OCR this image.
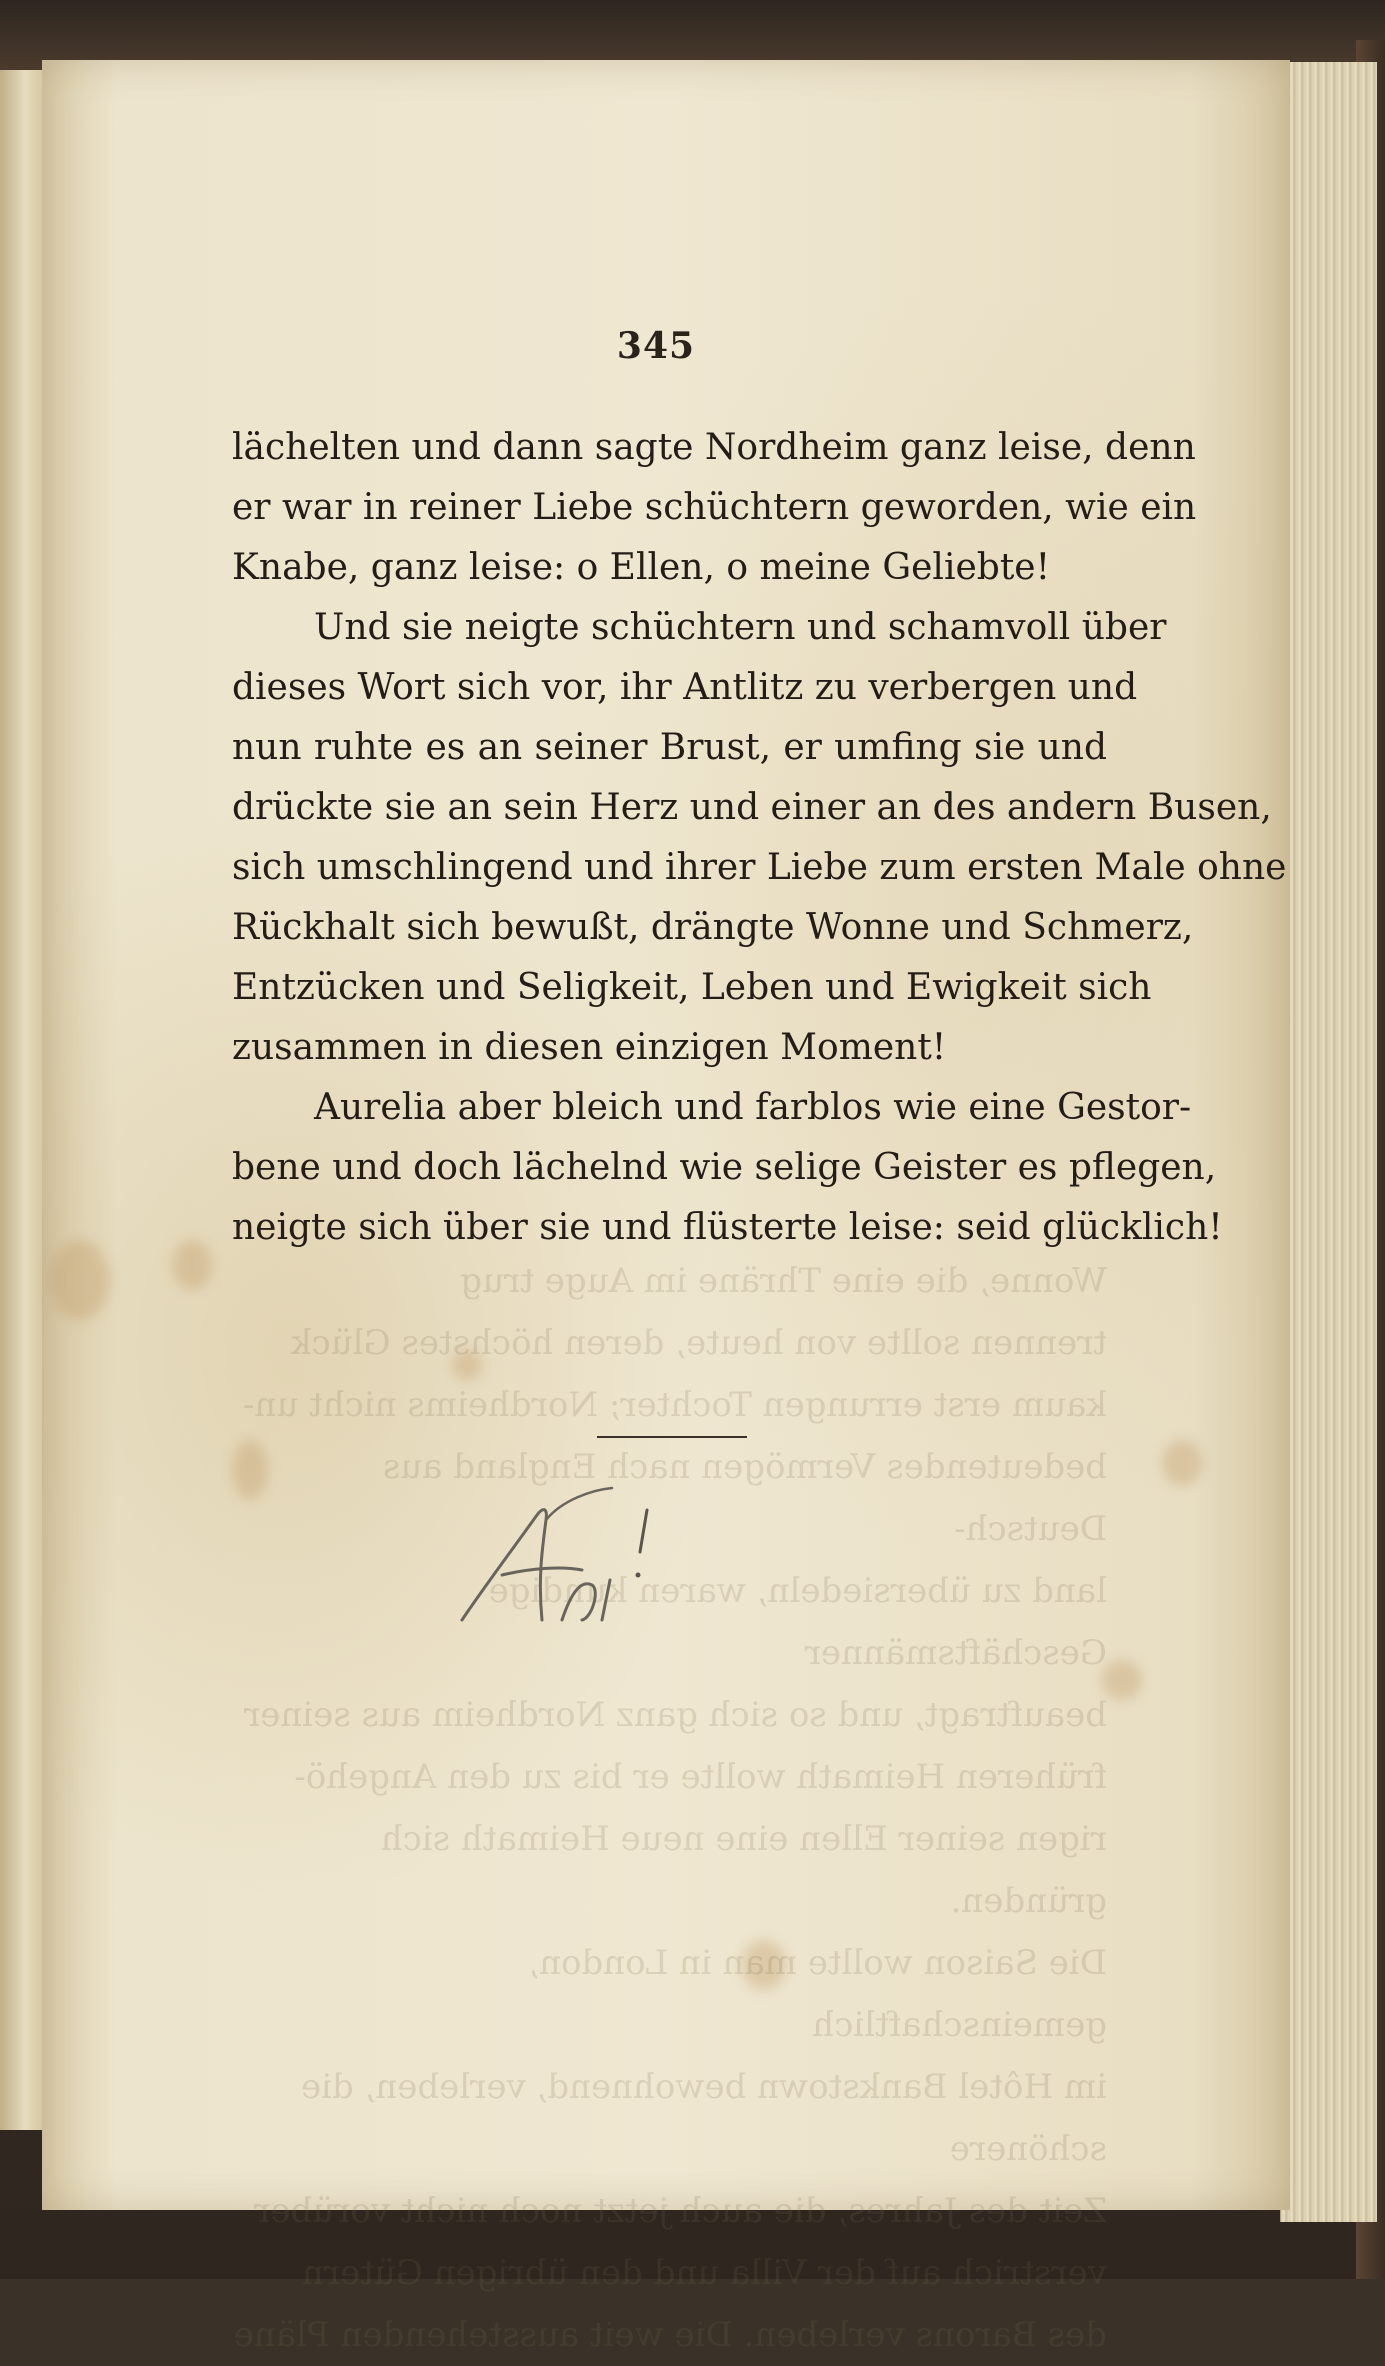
Wonne, die eine Thräne im Auge trug
trennen sollte von heute, deren höchstes Glück
kaum erst errungen Tochter; Nordheims nicht un-
bedeutendes Vermögen nach England aus Deutsch-
land zu übersiedeln, waren kundige Geschäftsmänner
beauftragt, und so sich ganz Nordheim aus seiner
früheren Heimath wollte er bis zu den Angehö-
rigen seiner Ellen eine neue Heimath sich gründen.
Die Saison wollte man in London, gemeinschaftlich
im Hôtel Bankstown bewohnend, verleben, die schönere
Zeit des Jahres, die auch jetzt noch nicht vorüber
verstrich auf der Villa und den übrigen Gütern
des Barons verleben. Die weit ausstehenden Pläne
345
lächelten und dann sagte Nordheim ganz leise, denn
er war in reiner Liebe schüchtern geworden, wie ein
Knabe, ganz leise: o Ellen, o meine Geliebte!
Und sie neigte schüchtern und schamvoll über
dieses Wort sich vor, ihr Antlitz zu verbergen und
nun ruhte es an seiner Brust, er umfing sie und
drückte sie an sein Herz und einer an des andern Busen,
sich umschlingend und ihrer Liebe zum ersten Male ohne
Rückhalt sich bewußt, drängte Wonne und Schmerz,
Entzücken und Seligkeit, Leben und Ewigkeit sich
zusammen in diesen einzigen Moment!
Aurelia aber bleich und farblos wie eine Gestor-
bene und doch lächelnd wie selige Geister es pflegen,
neigte sich über sie und flüsterte leise: seid glücklich!
